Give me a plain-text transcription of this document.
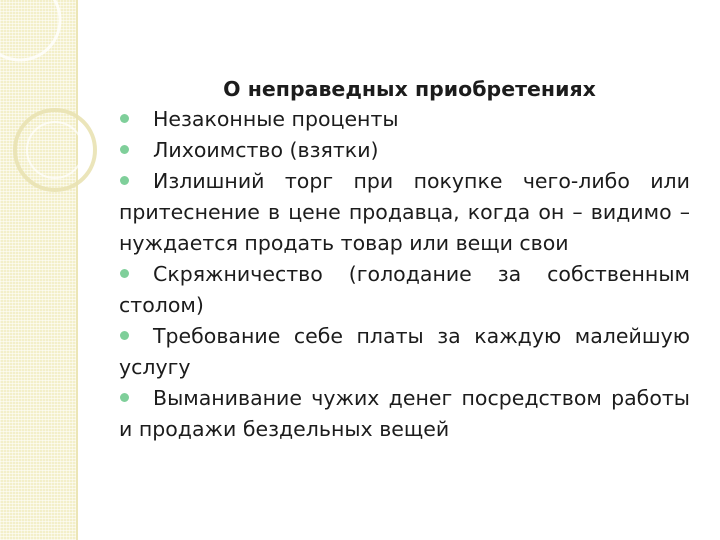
О неправедных приобретениях
Незаконные проценты
Лихоимство (взятки)
Излишний торг при покупке чего-либо или притеснение в цене продавца, когда он – видимо – нуждается продать товар или вещи свои
Скряжничество (голодание за собственным столом)
Требование себе платы за каждую малейшую услугу
Выманивание чужих денег посредством работы и продажи бездельных вещей
